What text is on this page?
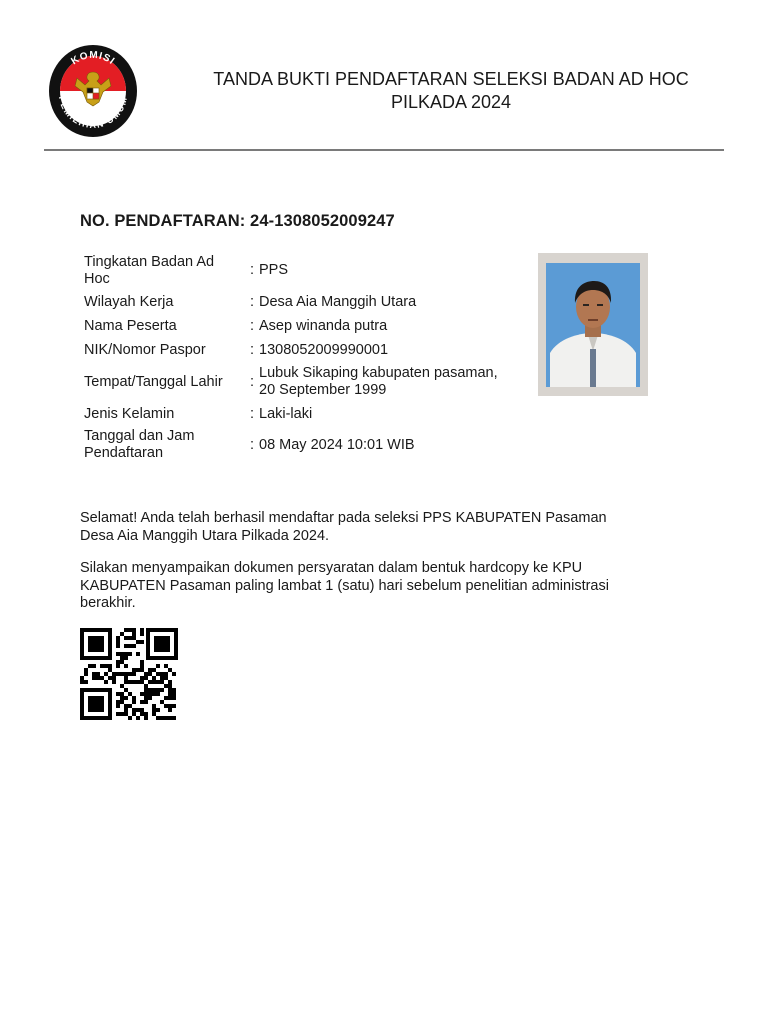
KOMISI
PEMILIHAN UMUM
TANDA BUKTI PENDAFTARAN SELEKSI BADAN AD HOC
PILKADA 2024
NO. PENDAFTARAN: 24-1308052009247
Tingkatan Badan Ad
Hoc
: PPS
Wilayah Kerja	: Desa Aia Manggih Utara
Nama Peserta	: Asep winanda putra
NIK/Nomor Paspor	: 1308052009990001
Tempat/Tanggal Lahir	:
Lubuk Sikaping kabupaten pasaman,
20 September 1999
Jenis Kelamin	: Laki-laki
Tanggal dan Jam
Pendaftaran	: 08 May 2024 10:01 WIB
Selamat! Anda telah berhasil mendaftar pada seleksi PPS KABUPATEN Pasaman
Desa Aia Manggih Utara Pilkada 2024.
Silakan menyampaikan dokumen persyaratan dalam bentuk hardcopy ke KPU
KABUPATEN Pasaman paling lambat 1 (satu) hari sebelum penelitian administrasi
berakhir.
